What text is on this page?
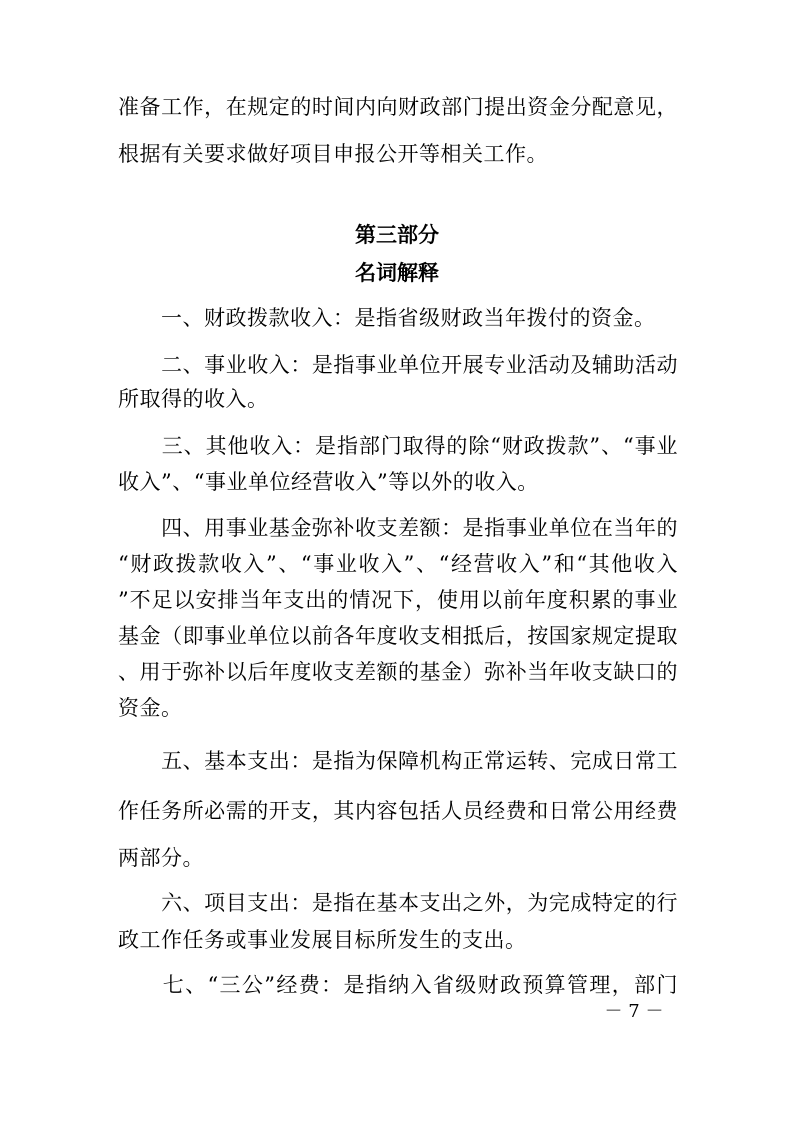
准备工作，在规定的时间内向财政部门提出资金分配意见，
根据有关要求做好项目申报公开等相关工作。
第三部分
名词解释
　　一、财政拨款收入：是指省级财政当年拨付的资金。
　　二、事业收入：是指事业单位开展专业活动及辅助活动
所取得的收入。
　　三、其他收入：是指部门取得的除“财政拨款”、“事业
收入”、“事业单位经营收入”等以外的收入。
　　四、用事业基金弥补收支差额：是指事业单位在当年的
“财政拨款收入”、“事业收入”、“经营收入”和“其他收入
”不足以安排当年支出的情况下，使用以前年度积累的事业
基金（即事业单位以前各年度收支相抵后，按国家规定提取
、用于弥补以后年度收支差额的基金）弥补当年收支缺口的
资金。
　　五、基本支出：是指为保障机构正常运转、完成日常工
作任务所必需的开支，其内容包括人员经费和日常公用经费
两部分。
　　六、项目支出：是指在基本支出之外，为完成特定的行
政工作任务或事业发展目标所发生的支出。
　　七、“三公”经费：是指纳入省级财政预算管理，部门
－ 7 －
